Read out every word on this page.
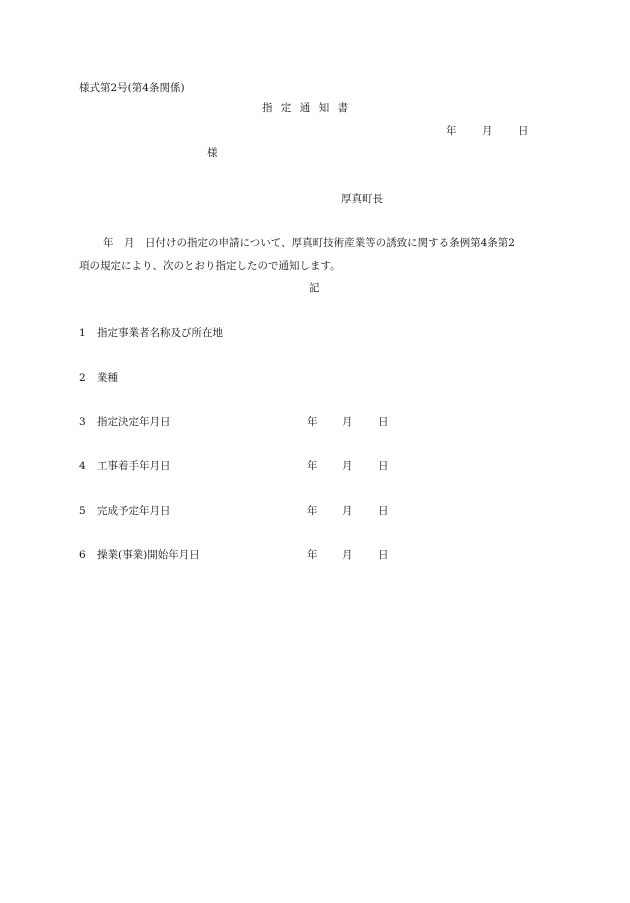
様式第2号(第4条関係)
指定通知書
年 月 日
様
厚真町長
年　月　日付けの指定の申請について、厚真町技術産業等の誘致に関する条例第4条第2
項の規定により、次のとおり指定したので通知します。
記
1 指定事業者名称及び所在地
2 業種
3 指定決定年月日	年 月 日
4 工事着手年月日	年 月 日
5 完成予定年月日	年 月 日
6 操業(事業)開始年月日	年 月 日
